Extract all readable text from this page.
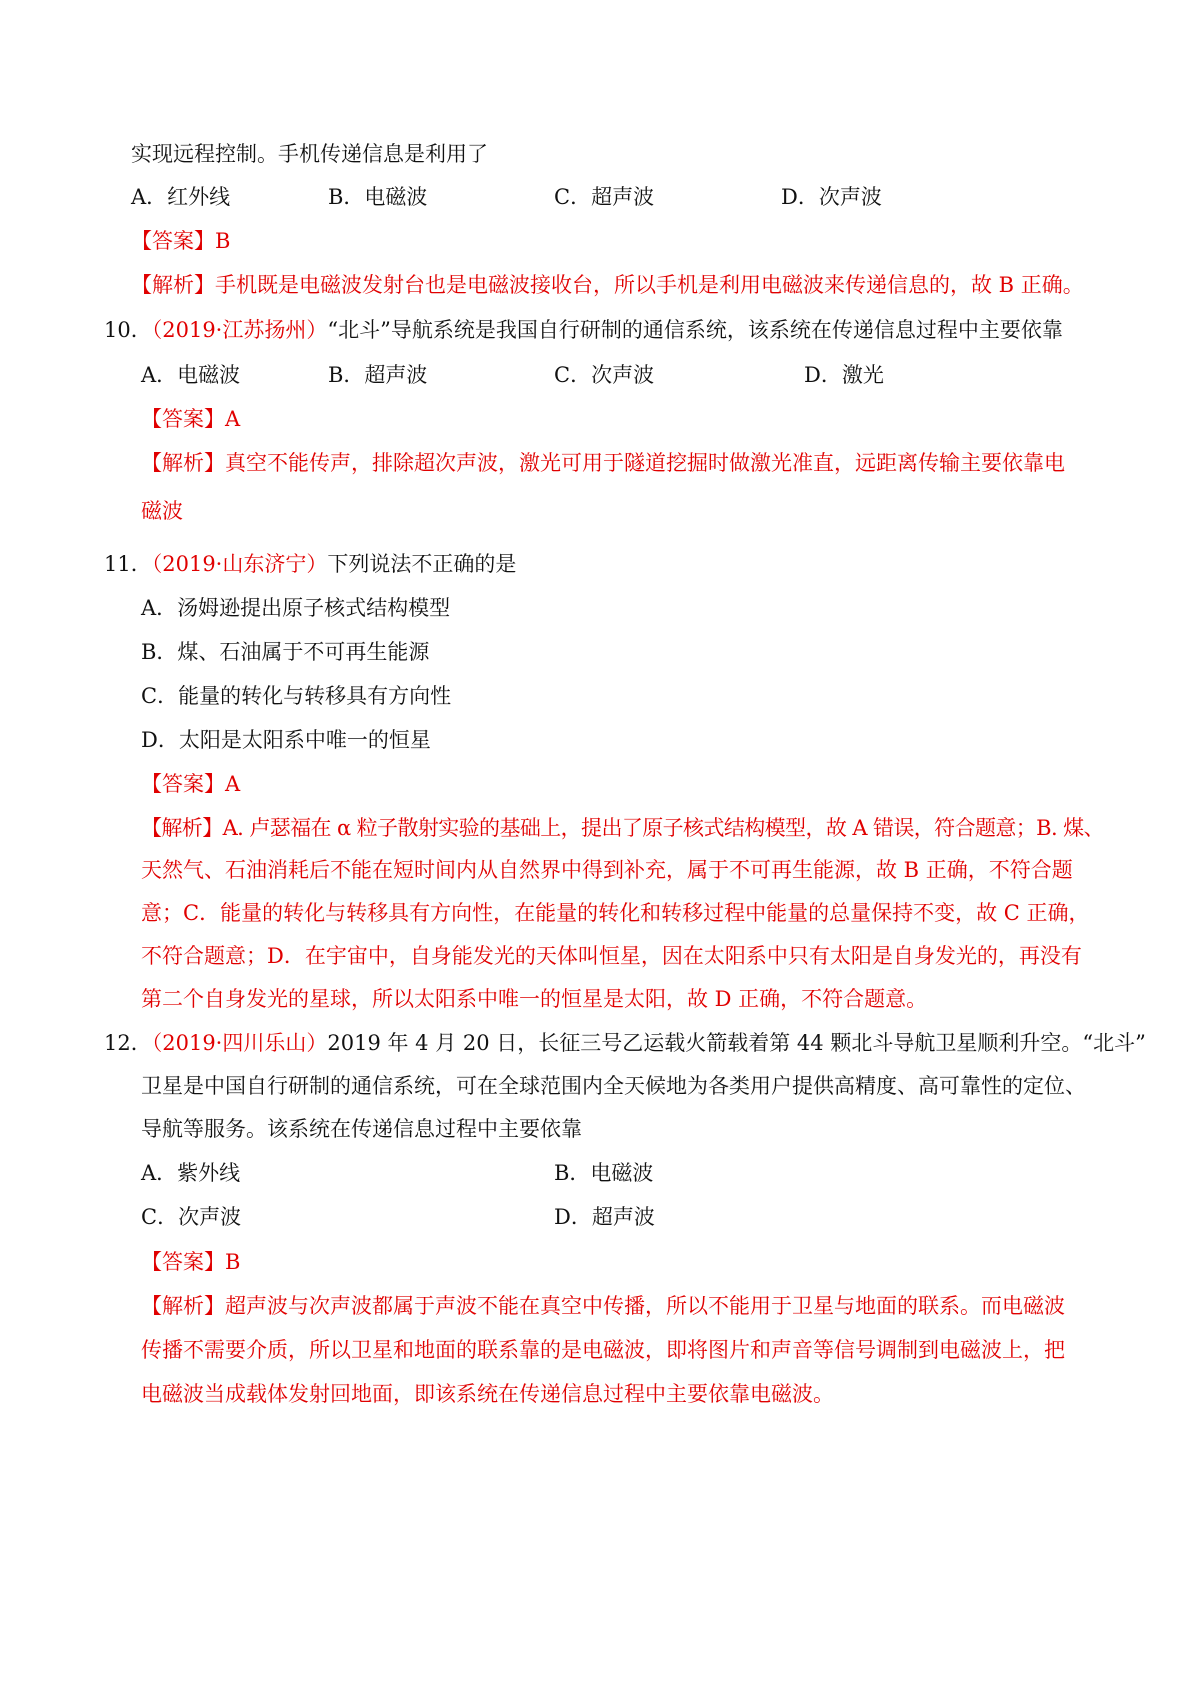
实现远程控制。手机传递信息是利用了
A．红外线	B．电磁波	C．超声波	D．次声波
【答案】B
【解析】手机既是电磁波发射台也是电磁波接收台，所以手机是利用电磁波来传递信息的，故 B 正确。
10．（2019·江苏扬州）“北斗”导航系统是我国自行研制的通信系统，该系统在传递信息过程中主要依靠
A．电磁波	B．超声波	C．次声波	D．激光
【答案】A
【解析】真空不能传声，排除超次声波，激光可用于隧道挖掘时做激光准直，远距离传输主要依靠电
磁波
11．（2019·山东济宁）下列说法不正确的是
A．汤姆逊提出原子核式结构模型
B．煤、石油属于不可再生能源
C．能量的转化与转移具有方向性
D．太阳是太阳系中唯一的恒星
【答案】A
【解析】A. 卢瑟福在 α 粒子散射实验的基础上，提出了原子核式结构模型，故 A 错误，符合题意；B. 煤、
天然气、石油消耗后不能在短时间内从自然界中得到补充，属于不可再生能源，故 B 正确，不符合题
意；C．能量的转化与转移具有方向性，在能量的转化和转移过程中能量的总量保持不变，故 C 正确，
不符合题意；D．在宇宙中，自身能发光的天体叫恒星，因在太阳系中只有太阳是自身发光的，再没有
第二个自身发光的星球，所以太阳系中唯一的恒星是太阳，故 D 正确，不符合题意。
12．（2019·四川乐山）2019 年 4 月 20 日，长征三号乙运载火箭载着第 44 颗北斗导航卫星顺利升空。“北斗”
卫星是中国自行研制的通信系统，可在全球范围内全天候地为各类用户提供高精度、高可靠性的定位、
导航等服务。该系统在传递信息过程中主要依靠
A．紫外线	B．电磁波
C．次声波	D．超声波
【答案】B
【解析】超声波与次声波都属于声波不能在真空中传播，所以不能用于卫星与地面的联系。而电磁波
传播不需要介质，所以卫星和地面的联系靠的是电磁波，即将图片和声音等信号调制到电磁波上，把
电磁波当成载体发射回地面，即该系统在传递信息过程中主要依靠电磁波。
